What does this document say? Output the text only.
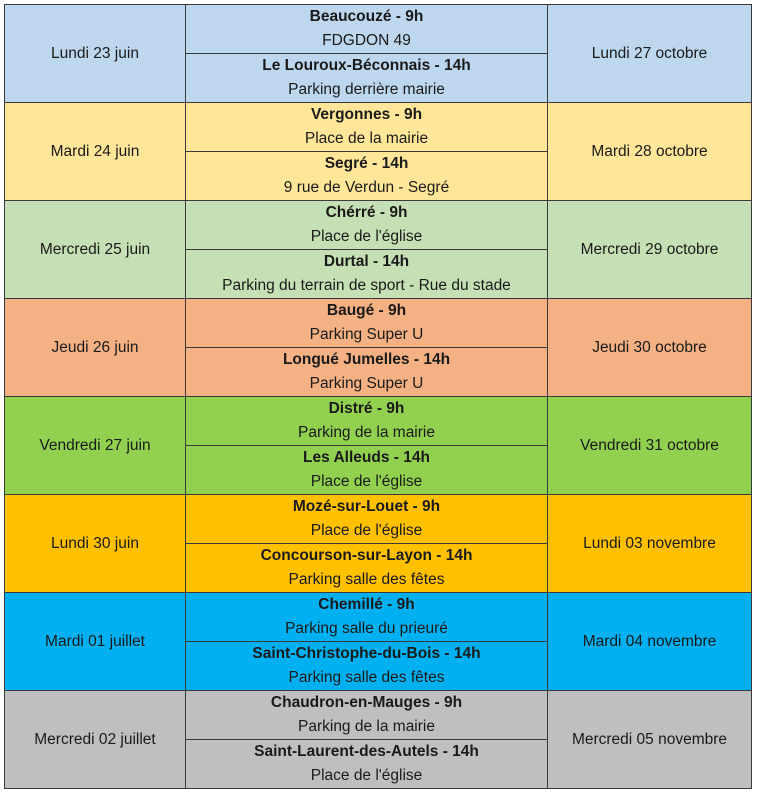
Lundi 23 juin	Beaucouzé - 9h
FDGDON 49
Le Louroux-Béconnais - 14h
Parking derrière mairie	Lundi 27 octobre
Mardi 24 juin	Vergonnes - 9h
Place de la mairie
Segré - 14h
9 rue de Verdun - Segré	Mardi 28 octobre
Mercredi 25 juin	Chérré - 9h
Place de l'église
Durtal - 14h
Parking du terrain de sport - Rue du stade	Mercredi 29 octobre
Jeudi 26 juin	Baugé - 9h
Parking Super U
Longué Jumelles - 14h
Parking Super U	Jeudi 30 octobre
Vendredi 27 juin	Distré - 9h
Parking de la mairie
Les Alleuds - 14h
Place de l'église	Vendredi 31 octobre
Lundi 30 juin	Mozé-sur-Louet - 9h
Place de l'église
Concourson-sur-Layon - 14h
Parking salle des fêtes	Lundi 03 novembre
Mardi 01 juillet	Chemillé - 9h
Parking salle du prieuré
Saint-Christophe-du-Bois - 14h
Parking salle des fêtes	Mardi 04 novembre
Mercredi 02 juillet	Chaudron-en-Mauges - 9h
Parking de la mairie
Saint-Laurent-des-Autels - 14h
Place de l'église	Mercredi 05 novembre
